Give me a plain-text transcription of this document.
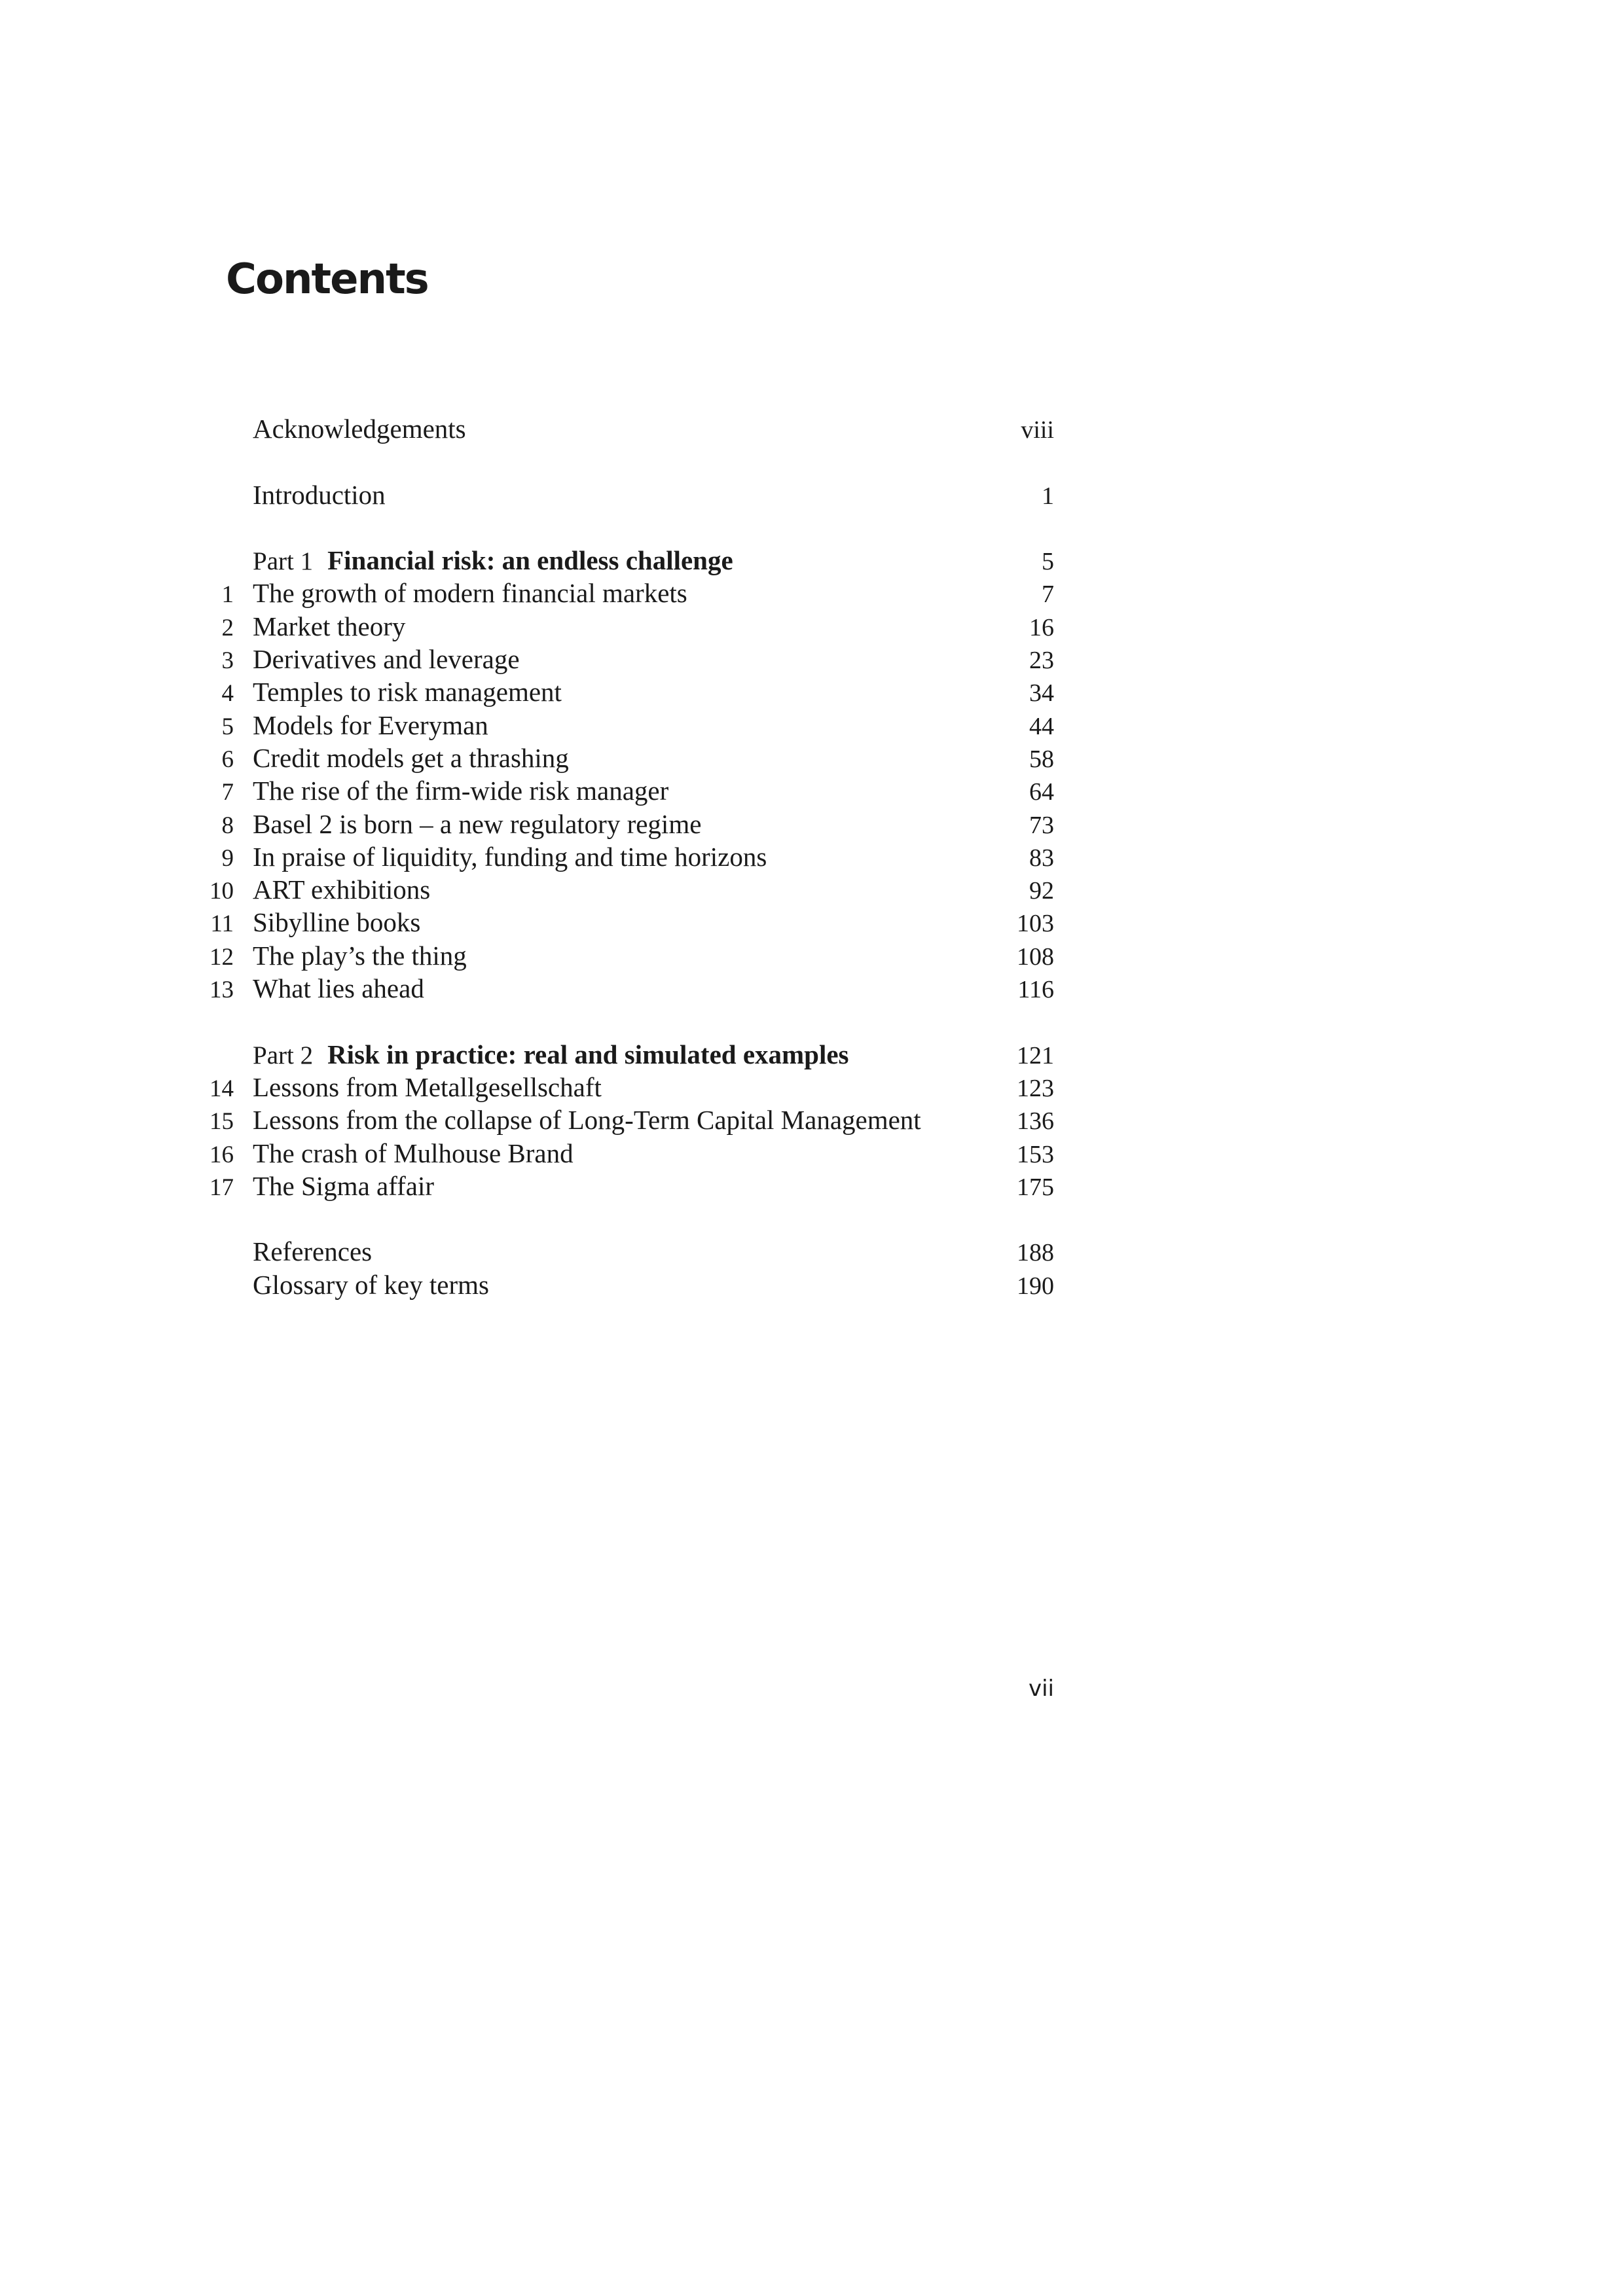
Contents
Acknowledgements	viii
Introduction	1
Part 1 Financial risk: an endless challenge	5
1 The growth of modern financial markets	7
2 Market theory	16
3 Derivatives and leverage	23
4 Temples to risk management	34
5 Models for Everyman	44
6 Credit models get a thrashing	58
7 The rise of the firm-wide risk manager	64
8 Basel 2 is born – a new regulatory regime	73
9 In praise of liquidity, funding and time horizons	83
10 ART exhibitions	92
11 Sibylline books	103
12 The play’s the thing	108
13 What lies ahead	116
Part 2 Risk in practice: real and simulated examples	121
14 Lessons from Metallgesellschaft	123
15 Lessons from the collapse of Long-Term Capital Management	136
16 The crash of Mulhouse Brand	153
17 The Sigma affair	175
References	188
Glossary of key terms	190
vii
